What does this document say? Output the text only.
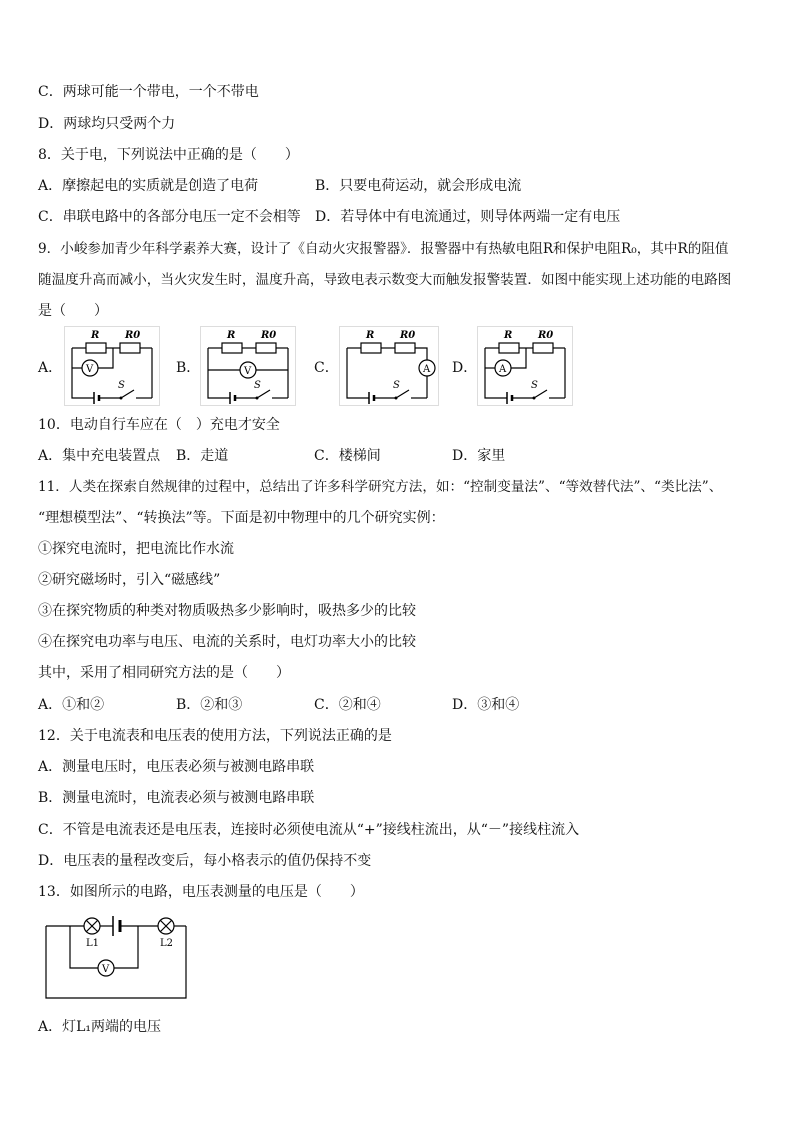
C．两球可能一个带电，一个不带电
D．两球均只受两个力
8．关于电，下列说法中正确的是（　　）
A．摩擦起电的实质就是创造了电荷	B．只要电荷运动，就会形成电流
C．串联电路中的各部分电压一定不会相等 D．若导体中有电流通过，则导体两端一定有电压
9．小峻参加青少年科学素养大赛，设计了《自动火灾报警器》．报警器中有热敏电阻R和保护电阻R₀，其中R的阻值
随温度升高而减小，当火灾发生时，温度升高，导致电表示数变大而触发报警装置．如图中能实现上述功能的电路图
是（　　）
A．
S
R	R0
V	B．
S
R	R0
V	C．
S
A
R	R0
D．
S
R	R0
A
10．电动自行车应在（　）充电才安全
A．集中充电装置点 B．走道	C．楼梯间	D．家里
11．人类在探索自然规律的过程中，总结出了许多科学研究方法，如：“控制变量法”、“等效替代法”、“类比法”、
“理想模型法”、“转换法”等。下面是初中物理中的几个研究实例：
①探究电流时，把电流比作水流
②研究磁场时，引入“磁感线”
③在探究物质的种类对物质吸热多少影响时，吸热多少的比较
④在探究电功率与电压、电流的关系时，电灯功率大小的比较
其中，采用了相同研究方法的是（　　）
A．①和②	B．②和③	C．②和④	D．③和④
12．关于电流表和电压表的使用方法，下列说法正确的是
A．测量电压时，电压表必须与被测电路串联
B．测量电流时，电流表必须与被测电路串联
C．不管是电流表还是电压表，连接时必须使电流从“+”接线柱流出，从“－”接线柱流入
D．电压表的量程改变后，每小格表示的值仍保持不变
13．如图所示的电路，电压表测量的电压是（　　）
L1	L2
V
A．灯L₁两端的电压
